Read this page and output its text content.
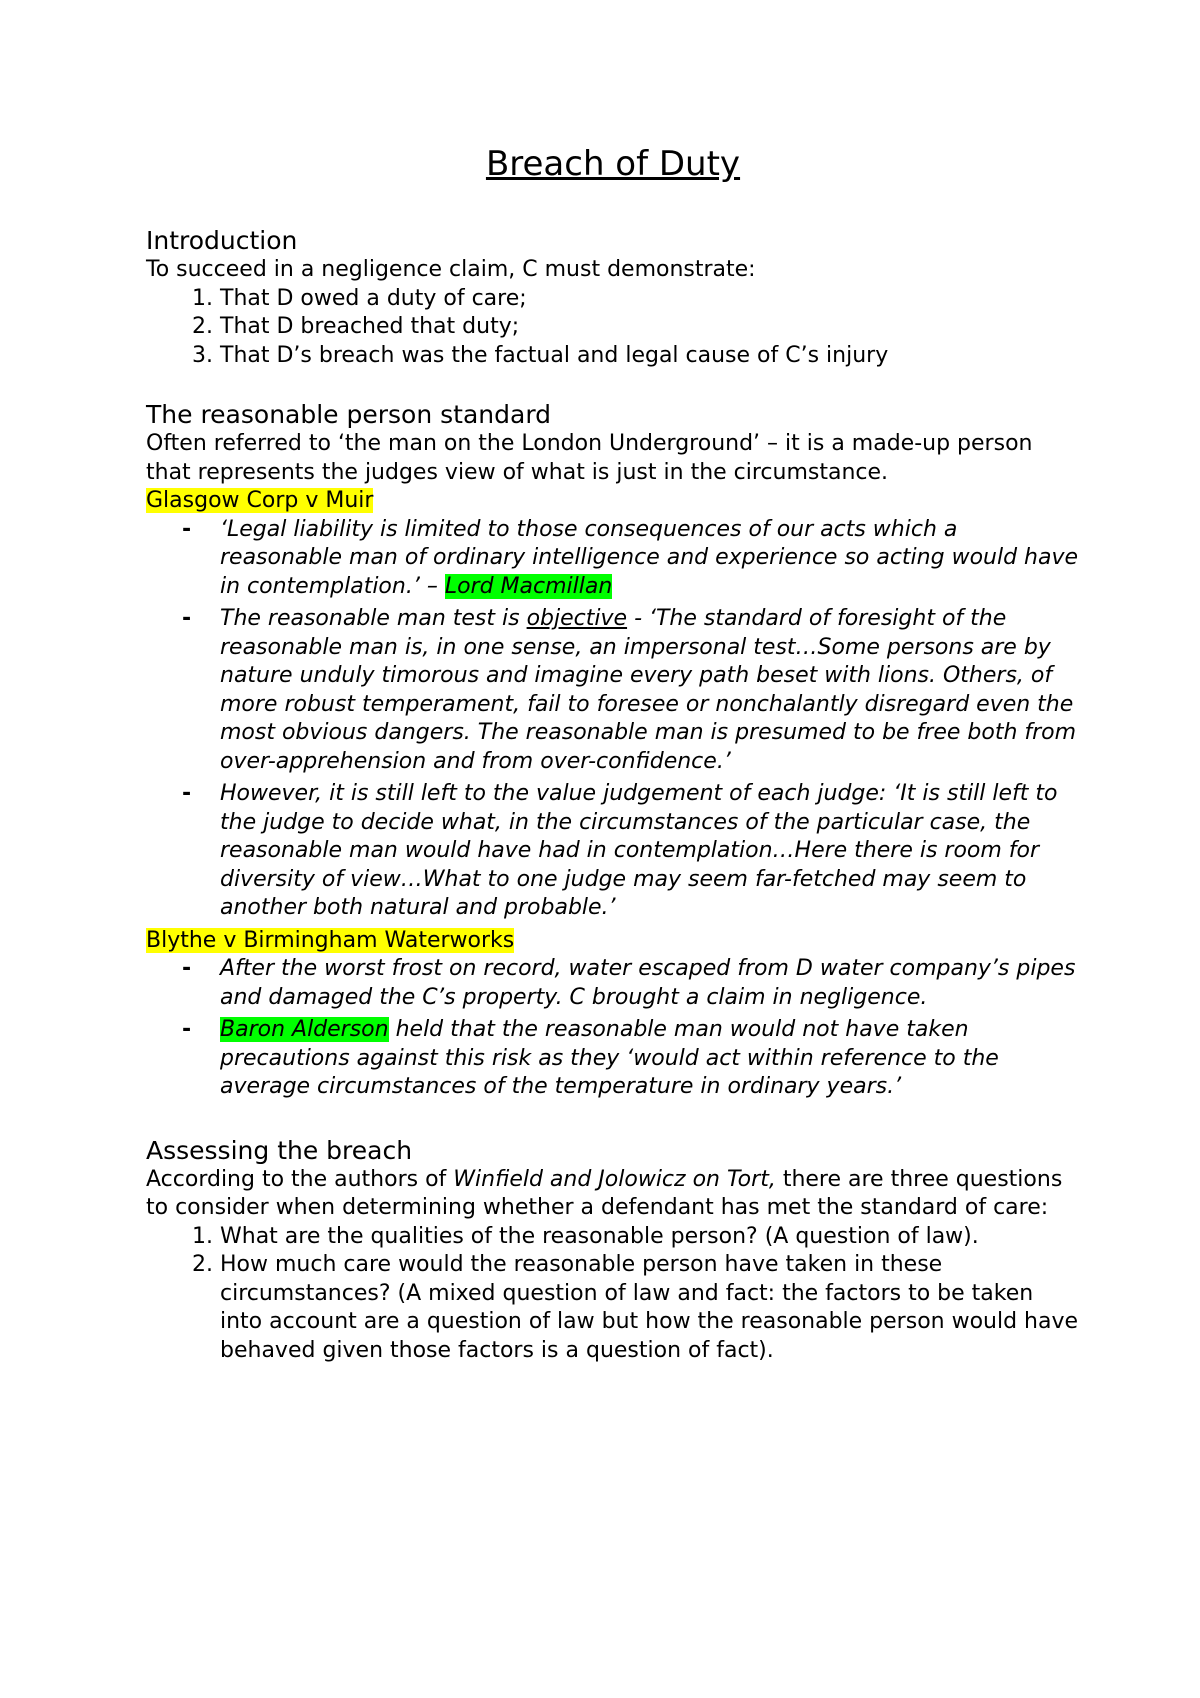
Breach of Duty
Introduction

To succeed in a negligence claim, C must demonstrate:

1. That D owed a duty of care;
2. That D breached that duty;
3. That D’s breach was the factual and legal cause of C’s injury
The reasonable person standard

Often referred to ‘the man on the London Underground’ – it is a made-up person that represents the judges view of what is just in the circumstance.

Glasgow Corp v Muir

- ‘Legal liability is limited to those consequences of our acts which a reasonable man of ordinary intelligence and experience so acting would have in contemplation.’ – Lord Macmillan
- The reasonable man test is objective - ‘The standard of foresight of the reasonable man is, in one sense, an impersonal test…Some persons are by nature unduly timorous and imagine every path beset with lions. Others, of more robust temperament, fail to foresee or nonchalantly disregard even the most obvious dangers. The reasonable man is presumed to be free both from over-apprehension and from over-confidence.’
- However, it is still left to the value judgement of each judge: ‘It is still left to the judge to decide what, in the circumstances of the particular case, the reasonable man would have had in contemplation…Here there is room for diversity of view…What to one judge may seem far-fetched may seem to another both natural and probable.’

Blythe v Birmingham Waterworks

- After the worst frost on record, water escaped from D water company’s pipes and damaged the C’s property. C brought a claim in negligence.
- Baron Alderson held that the reasonable man would not have taken precautions against this risk as they ‘would act within reference to the average circumstances of the temperature in ordinary years.’
Assessing the breach

According to the authors of Winfield and Jolowicz on Tort, there are three questions to consider when determining whether a defendant has met the standard of care:

1. What are the qualities of the reasonable person? (A question of law).
2. How much care would the reasonable person have taken in these circumstances? (A mixed question of law and fact: the factors to be taken into account are a question of law but how the reasonable person would have behaved given those factors is a question of fact).
